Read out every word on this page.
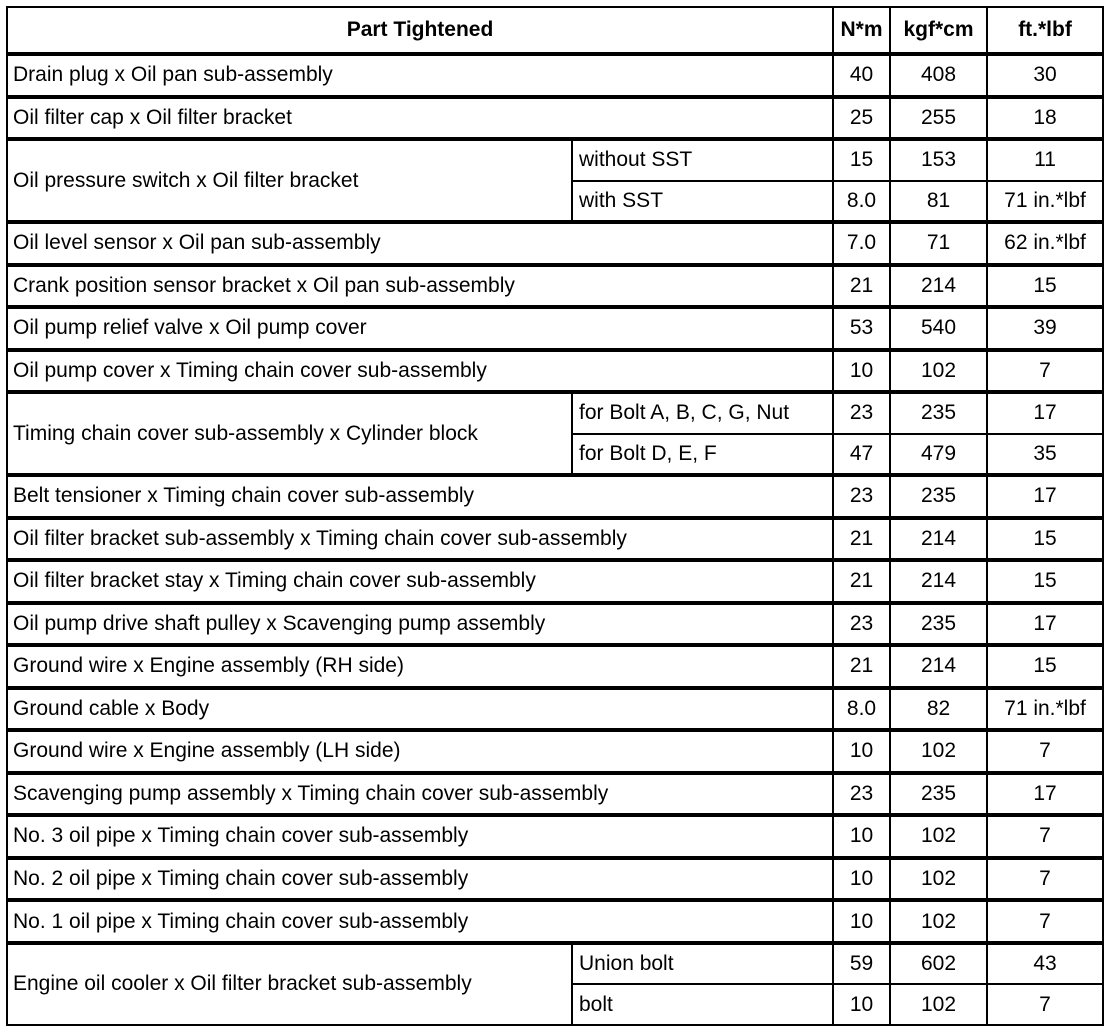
Part Tightened		N*m	kgf*cm	ft.*lbf
Drain plug x Oil pan sub-assembly		40	408	30
Oil filter cap x Oil filter bracket		25	255	18
Oil pressure switch x Oil filter bracket	without SST	15	153	11
	with SST	8.0	81	71 in.*lbf
Oil level sensor x Oil pan sub-assembly		7.0	71	62 in.*lbf
Crank position sensor bracket x Oil pan sub-assembly		21	214	15
Oil pump relief valve x Oil pump cover		53	540	39
Oil pump cover x Timing chain cover sub-assembly		10	102	7
Timing chain cover sub-assembly x Cylinder block	for Bolt A, B, C, G, Nut	23	235	17
	for Bolt D, E, F	47	479	35
Belt tensioner x Timing chain cover sub-assembly		23	235	17
Oil filter bracket sub-assembly x Timing chain cover sub-assembly		21	214	15
Oil filter bracket stay x Timing chain cover sub-assembly		21	214	15
Oil pump drive shaft pulley x Scavenging pump assembly		23	235	17
Ground wire x Engine assembly (RH side)		21	214	15
Ground cable x Body		8.0	82	71 in.*lbf
Ground wire x Engine assembly (LH side)		10	102	7
Scavenging pump assembly x Timing chain cover sub-assembly		23	235	17
No. 3 oil pipe x Timing chain cover sub-assembly		10	102	7
No. 2 oil pipe x Timing chain cover sub-assembly		10	102	7
No. 1 oil pipe x Timing chain cover sub-assembly		10	102	7
Engine oil cooler x Oil filter bracket sub-assembly	Union bolt	59	602	43
	bolt	10	102	7
